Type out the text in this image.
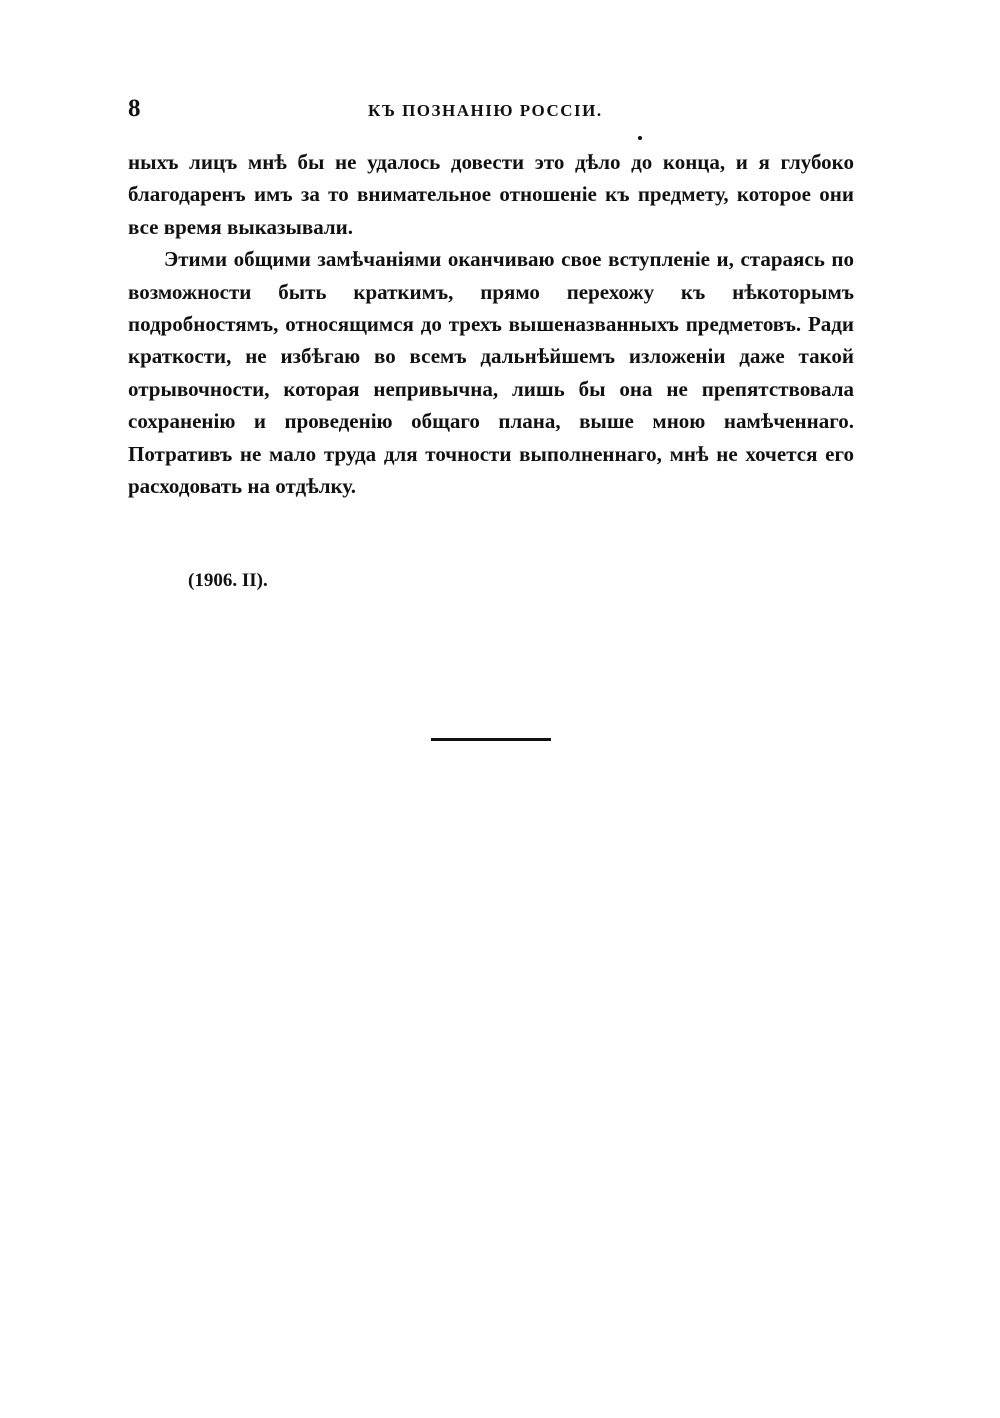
8	КЪ ПОЗНАНІЮ РОССІИ.

ныхъ лицъ мнѣ бы не удалось довести это дѣло до конца, и я глубоко благодаренъ имъ за то внимательное отношеніе къ предмету, которое они все время выказывали.

Этими общими замѣчаніями оканчиваю свое вступленіе и, стараясь по возможности быть краткимъ, прямо перехожу къ нѣкоторымъ подробностямъ, относящимся до трехъ вышеназванныхъ предметовъ. Ради краткости, не избѣгаю во всемъ дальнѣйшемъ изложеніи даже такой отрывочности, которая непривычна, лишь бы она не препятствовала сохраненію и проведенію общаго плана, выше мною намѣченнаго. Потративъ не мало труда для точности выполненнаго, мнѣ не хочется его расходовать на отдѣлку.

(1906. II).
